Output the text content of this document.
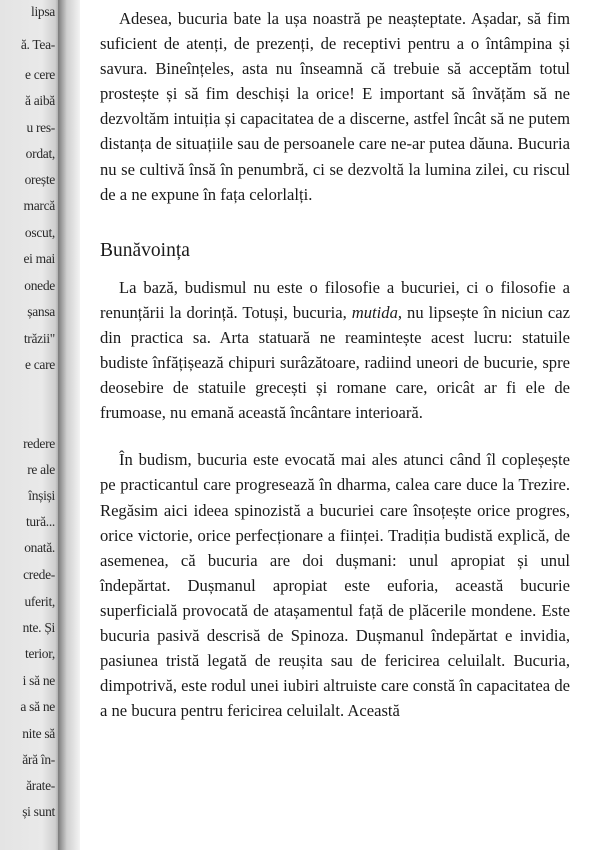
lipsa
ă. Tea-
e cere
ă aibă
u res-
ordat,
orește
marcă
oscut,
ei mai
onede
șansa
trăzii"
e care
redere
re ale
înșiși
tură...
onată.
crede-
uferit,
nte. Și
terior,
i să ne
a să ne
nite să
ără în-
ărate-
și sunt

Adesea, bucuria bate la ușa noastră pe neașteptate. Așadar, să fim suficient de atenți, de prezenți, de receptivi pentru a o întâmpina și savura. Bineînțeles, asta nu înseamnă că trebuie să acceptăm totul prostește și să fim deschiși la orice! E important să învățăm să ne dezvoltăm intuiția și capacitatea de a discerne, astfel încât să ne putem distanța de situațiile sau de persoanele care ne-ar putea dăuna. Bucuria nu se cultivă însă în penumbră, ci se dezvoltă la lumina zilei, cu riscul de a ne expune în fața celorlalți.

Bunăvoința

La bază, budismul nu este o filosofie a bucuriei, ci o filosofie a renunțării la dorință. Totuși, bucuria, mutida, nu lipsește în niciun caz din practica sa. Arta statuară ne reamintește acest lucru: statuile budiste înfățișează chipuri surâzătoare, radiind uneori de bucurie, spre deosebire de statuile grecești și romane care, oricât ar fi ele de frumoase, nu emană această încântare interioară.

În budism, bucuria este evocată mai ales atunci când îl copleșește pe practicantul care progresează în dharma, calea care duce la Trezire. Regăsim aici ideea spinozistă a bucuriei care însoțește orice progres, orice victorie, orice perfecționare a ființei. Tradiția budistă explică, de asemenea, că bucuria are doi dușmani: unul apropiat și unul îndepărtat. Dușmanul apropiat este euforia, această bucurie superficială provocată de atașamentul față de plăcerile mondene. Este bucuria pasivă descrisă de Spinoza. Dușmanul îndepărtat e invidia, pasiunea tristă legată de reușita sau de fericirea celuilalt. Bucuria, dimpotrivă, este rodul unei iubiri altruiste care constă în capacitatea de a ne bucura pentru fericirea celuilalt. Această
